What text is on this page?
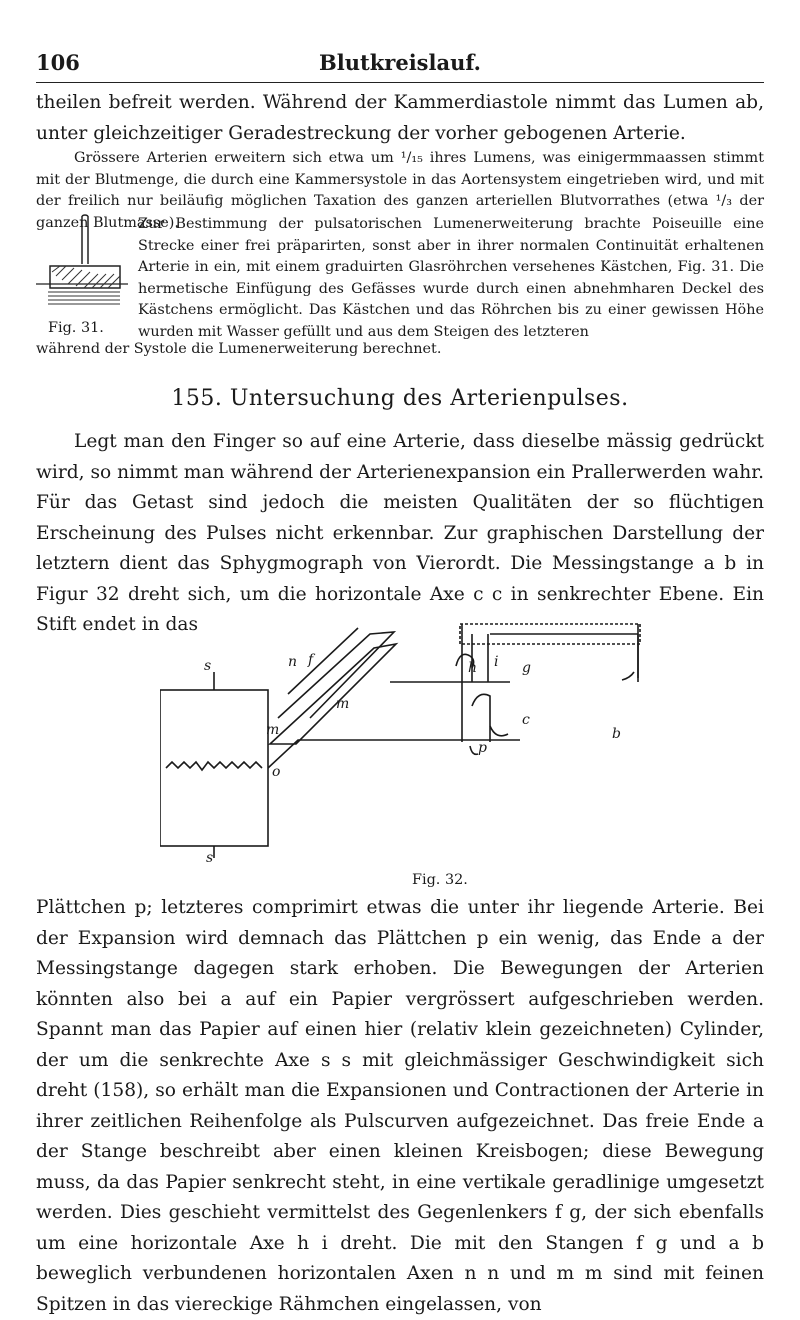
106	Blutkreislauf.
theilen befreit werden. Während der Kammerdiastole nimmt das Lumen ab, unter gleichzeitiger Geradestreckung der vorher gebogenen Arterie.

Grössere Arterien erweitern sich etwa um ¹/₁₅ ihres Lumens, was einigermmaassen stimmt mit der Blutmenge, die durch eine Kammersystole in das Aortensystem eingetrieben wird, und mit der freilich nur beiläufig möglichen Taxation des ganzen arteriellen Blutvorrathes (etwa ¹/₃ der ganzen Blutmasse).

Fig. 31.
Zur Bestimmung der pulsatorischen Lumenerweiterung brachte Poiseuille eine Strecke einer frei präparirten, sonst aber in ihrer normalen Continuität erhaltenen Arterie in ein, mit einem graduirten Glasröhrchen versehenes Kästchen, Fig. 31. Die hermetische Einfügung des Gefässes wurde durch einen abnehmharen Deckel des Kästchens ermöglicht. Das Kästchen und das Röhrchen bis zu einer gewissen Höhe wurden mit Wasser gefüllt und aus dem Steigen des letzteren
während der Systole die Lumenerweiterung berechnet.
155. Untersuchung des Arterienpulses.

Legt man den Finger so auf eine Arterie, dass dieselbe mässig gedrückt wird, so nimmt man während der Arterienexpansion ein Prallerwerden wahr. Für das Getast sind jedoch die meisten Qualitäten der so flüchtigen Erscheinung des Pulses nicht erkennbar. Zur graphischen Darstellung der letztern dient das Sphygmograph von Vierordt. Die Messingstange a b in Figur 32 dreht sich, um die horizontale Axe c c in senkrechter Ebene. Ein Stift endet in das

s
s
n f
m
m
o
h i g
c
b
p
Fig. 32.

Plättchen p; letzteres comprimirt etwas die unter ihr liegende Arterie. Bei der Expansion wird demnach das Plättchen p ein wenig, das Ende a der Messingstange dagegen stark erhoben. Die Bewegungen der Arterien könnten also bei a auf ein Papier vergrössert aufgeschrieben werden. Spannt man das Papier auf einen hier (relativ klein gezeichneten) Cylinder, der um die senkrechte Axe s s mit gleichmässiger Geschwindigkeit sich dreht (158), so erhält man die Expansionen und Contractionen der Arterie in ihrer zeitlichen Reihenfolge als Pulscurven aufgezeichnet. Das freie Ende a der Stange beschreibt aber einen kleinen Kreisbogen; diese Bewegung muss, da das Papier senkrecht steht, in eine vertikale geradlinige umgesetzt werden. Dies geschieht vermittelst des Gegenlenkers f g, der sich ebenfalls um eine horizontale Axe h i dreht. Die mit den Stangen f g und a b beweglich verbundenen horizontalen Axen n n und m m sind mit feinen Spitzen in das viereckige Rähmchen eingelassen, von
